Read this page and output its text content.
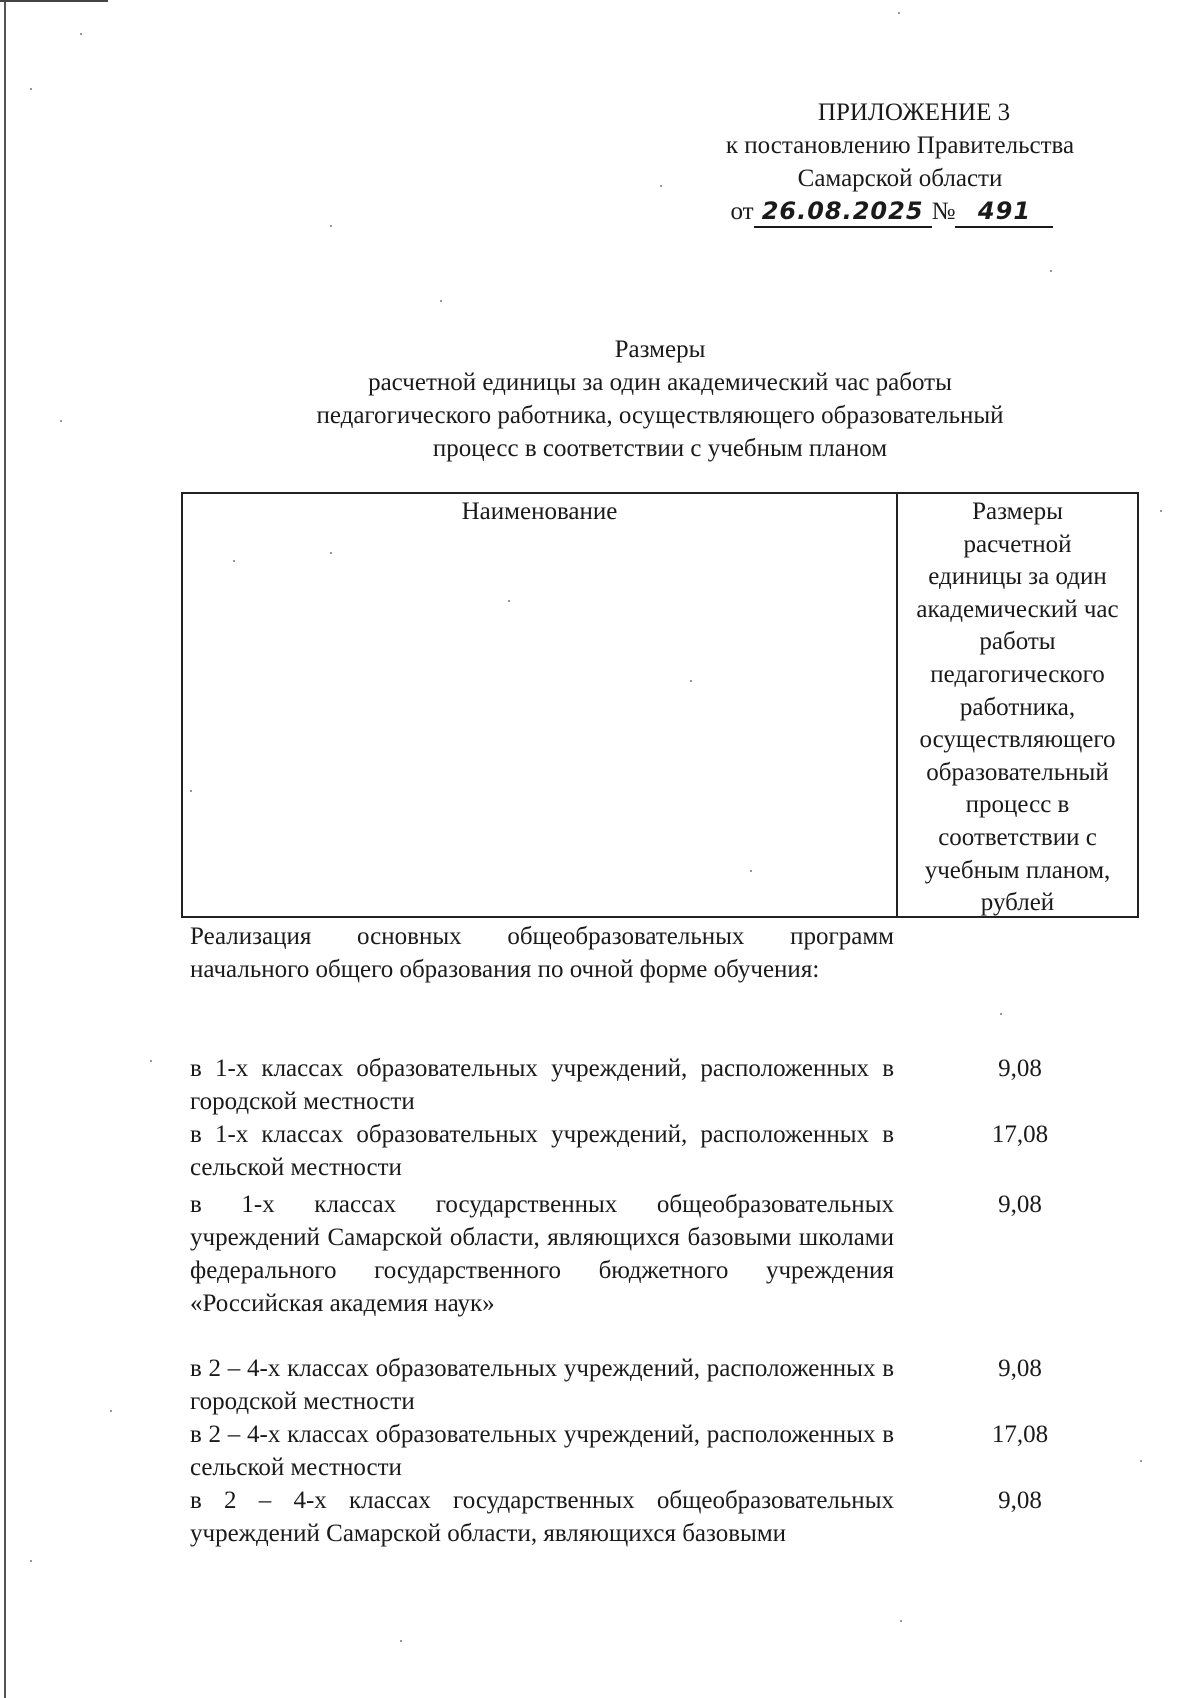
ПРИЛОЖЕНИЕ 3
к постановлению Правительства
Самарской области
от 26.08.2025 № 491
Размеры
расчетной единицы за один академический час работы
педагогического работника, осуществляющего образовательный
процесс в соответствии с учебным планом
Наименование	Размеры
расчетной
единицы за один
академический час
работы
педагогического
работника,
осуществляющего
образовательный
процесс в
соответствии с
учебным планом,
рублей
Реализация основных общеобразовательных программ начального общего образования по очной форме обучения:
в 1-х классах образовательных учреждений, расположенных в городской местности
9,08
в 1-х классах образовательных учреждений, расположенных в сельской местности
17,08
в 1-х классах государственных общеобразовательных учреждений Самарской области, являющихся базовыми школами федерального государственного бюджетного учреждения «Российская академия наук»
9,08
в 2 – 4-х классах образовательных учреждений, расположенных в городской местности
9,08
в 2 – 4-х классах образовательных учреждений, расположенных в сельской местности
17,08
в 2 – 4-х классах государственных общеобразовательных учреждений Самарской области, являющихся базовыми
9,08
